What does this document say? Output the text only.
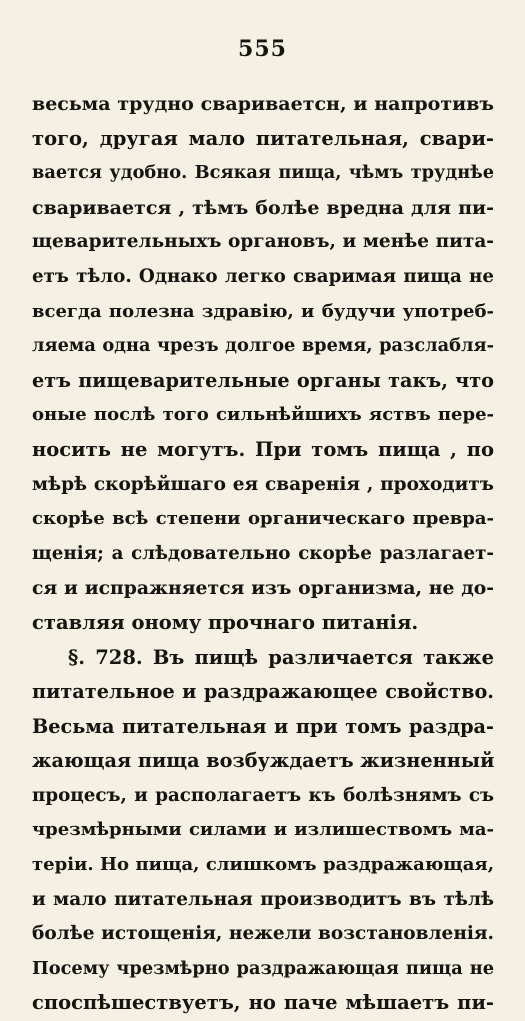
555
весьма трудно свариваетсн, и напротивъ
того, другая мало питательная, свари-
вается удобно. Всякая пища, чѣмъ труднѣе
сваривается , тѣмъ болѣе вредна для пи-
щеварительныхъ органовъ, и менѣе пита-
етъ тѣло. Однако легко сваримая пища не
всегда полезна здравію, и будучи употреб-
ляема одна чрезъ долгое время, разслабля-
етъ пищеварительные органы такъ, что
оные послѣ того сильнѣйшихъ яствъ пере-
носить не могутъ. При томъ пища , по
мѣрѣ скорѣйшаго ея сваренія , проходитъ
скорѣе всѣ степени органическаго превра-
щенія; а слѣдовательно скорѣе разлагает-
ся и испражняется изъ организма, не до-
ставляя оному прочнаго питанія.
§. 728. Въ пищѣ различается также
питательное и раздражающее свойство.
Весьма питательная и при томъ раздра-
жающая пища возбуждаетъ жизненный
процесъ, и располагаетъ къ болѣзнямъ съ
чрезмѣрными силами и излишествомъ ма-
теріи. Но пища, слишкомъ раздражающая,
и мало питательная производитъ въ тѣлѣ
болѣе истощенія, нежели возстановленія.
Посему чрезмѣрно раздражающая пища не
споспѣшествуетъ, но паче мѣшаетъ пи-
